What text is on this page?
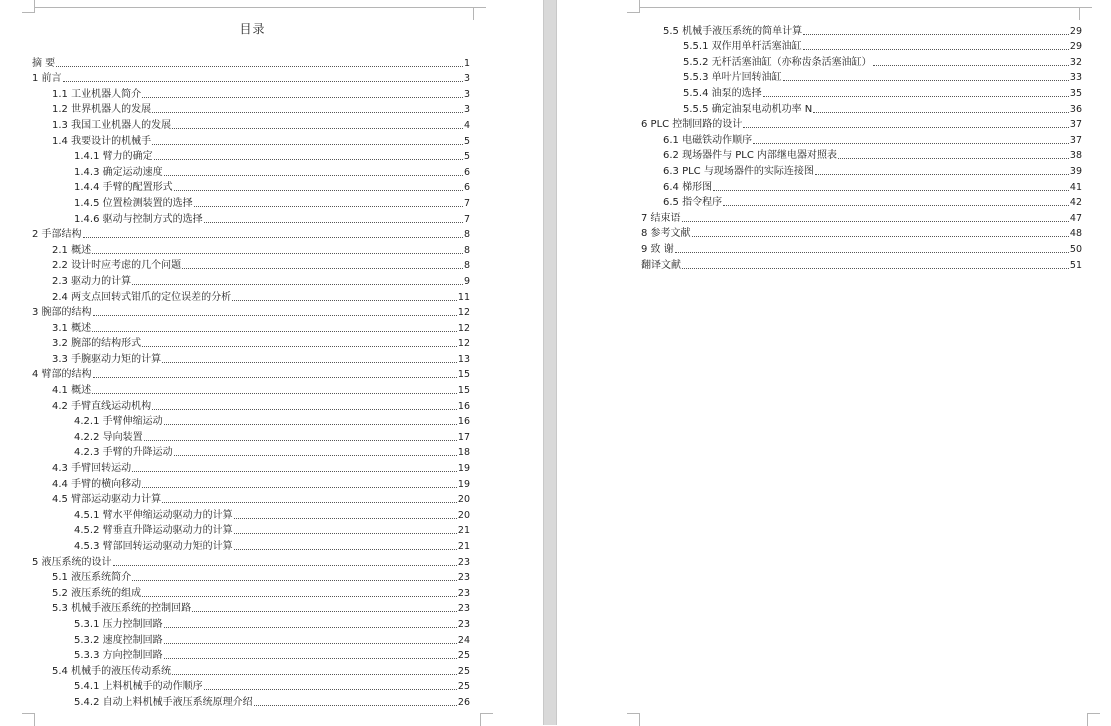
目录
摘 要	1
1 前言	3
1.1 工业机器人简介	3
1.2 世界机器人的发展	3
1.3 我国工业机器人的发展	4
1.4 我要设计的机械手	5
1.4.1 臂力的确定	5
1.4.3 确定运动速度	6
1.4.4 手臂的配置形式	6
1.4.5 位置检测装置的选择	7
1.4.6 驱动与控制方式的选择	7
2 手部结构	8
2.1 概述	8
2.2 设计时应考虑的几个问题	8
2.3 驱动力的计算	9
2.4 两支点回转式钳爪的定位误差的分析	11
3 腕部的结构	12
3.1 概述	12
3.2 腕部的结构形式	12
3.3 手腕驱动力矩的计算	13
4 臂部的结构	15
4.1 概述	15
4.2 手臂直线运动机构	16
4.2.1 手臂伸缩运动	16
4.2.2 导向装置	17
4.2.3 手臂的升降运动	18
4.3 手臂回转运动	19
4.4 手臂的横向移动	19
4.5 臂部运动驱动力计算	20
4.5.1 臂水平伸缩运动驱动力的计算	20
4.5.2 臂垂直升降运动驱动力的计算	21
4.5.3 臂部回转运动驱动力矩的计算	21
5 液压系统的设计	23
5.1 液压系统简介	23
5.2 液压系统的组成	23
5.3 机械手液压系统的控制回路	23
5.3.1 压力控制回路	23
5.3.2 速度控制回路	24
5.3.3 方向控制回路	25
5.4 机械手的液压传动系统	25
5.4.1 上料机械手的动作顺序	25
5.4.2 自动上料机械手液压系统原理介绍	26
5.5 机械手液压系统的简单计算	29
5.5.1 双作用单杆活塞油缸	29
5.5.2 无杆活塞油缸（亦称齿条活塞油缸）	32
5.5.3 单叶片回转油缸	33
5.5.4 油泵的选择	35
5.5.5 确定油泵电动机功率 N	36
6 PLC 控制回路的设计	37
6.1 电磁铁动作顺序	37
6.2 现场器件与 PLC 内部继电器对照表	38
6.3 PLC 与现场器件的实际连接图	39
6.4 梯形图	41
6.5 指令程序	42
7 结束语	47
8 参考文献	48
9 致 谢	50
翻译文献	51
